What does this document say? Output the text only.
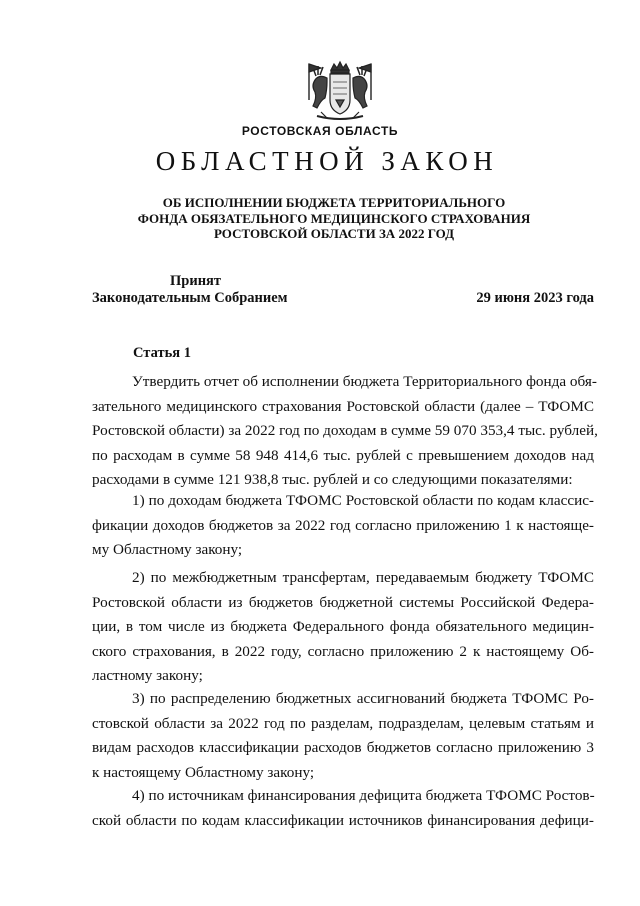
РОСТОВСКАЯ ОБЛАСТЬ
ОБЛАСТНОЙ ЗАКОН
ОБ ИСПОЛНЕНИИ БЮДЖЕТА ТЕРРИТОРИАЛЬНОГО
ФОНДА ОБЯЗАТЕЛЬНОГО МЕДИЦИНСКОГО СТРАХОВАНИЯ
РОСТОВСКОЙ ОБЛАСТИ ЗА 2022 ГОД
Принят
Законодательным Собранием	29 июня 2023 года
Статья 1
Утвердить отчет об исполнении бюджета Территориального фонда обя-
зательного медицинского страхования Ростовской области (далее – ТФОМС
Ростовской области) за 2022 год по доходам в сумме 59 070 353,4 тыс. рублей,
по расходам в сумме 58 948 414,6 тыс. рублей с превышением доходов над
расходами в сумме 121 938,8 тыс. рублей и со следующими показателями:
1) по доходам бюджета ТФОМС Ростовской области по кодам классис-
фикации доходов бюджетов за 2022 год согласно приложению 1 к настояще-
му Областному закону;
2) по межбюджетным трансфертам, передаваемым бюджету ТФОМС
Ростовской области из бюджетов бюджетной системы Российской Федера-
ции, в том числе из бюджета Федерального фонда обязательного медицин-
ского страхования, в 2022 году, согласно приложению 2 к настоящему Об-
ластному закону;
3) по распределению бюджетных ассигнований бюджета ТФОМС Ро-
стовской области за 2022 год по разделам, подразделам, целевым статьям и
видам расходов классификации расходов бюджетов согласно приложению 3
к настоящему Областному закону;
4) по источникам финансирования дефицита бюджета ТФОМС Ростов-
ской области по кодам классификации источников финансирования дефици-
